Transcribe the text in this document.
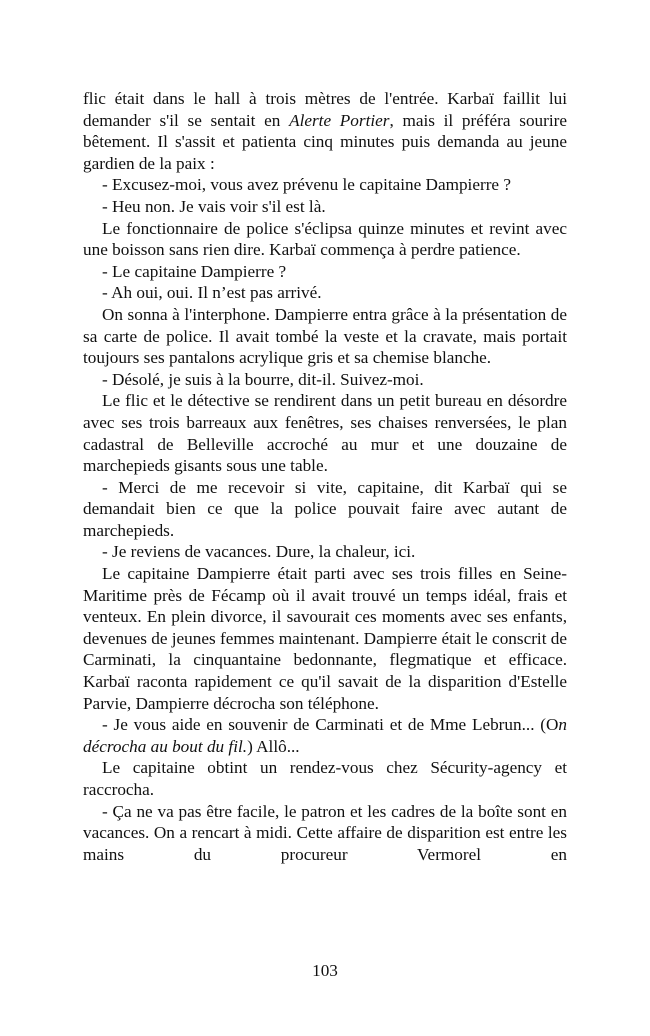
flic était dans le hall à trois mètres de l'entrée. Karbaï faillit lui demander s'il se sentait en Alerte Portier, mais il préféra sourire bêtement. Il s'assit et patienta cinq minutes puis demanda au jeune gardien de la paix :

- Excusez-moi, vous avez prévenu le capitaine Dampierre ?

- Heu non. Je vais voir s'il est là.

Le fonctionnaire de police s'éclipsa quinze minutes et revint avec une boisson sans rien dire. Karbaï commença à perdre patience.

- Le capitaine Dampierre ?

- Ah oui, oui. Il n’est pas arrivé.

On sonna à l'interphone. Dampierre entra grâce à la présentation de sa carte de police. Il avait tombé la veste et la cravate, mais portait toujours ses pantalons acrylique gris et sa chemise blanche.

- Désolé, je suis à la bourre, dit-il. Suivez-moi.

Le flic et le détective se rendirent dans un petit bureau en désordre avec ses trois barreaux aux fenêtres, ses chaises renversées, le plan cadastral de Belleville accroché au mur et une douzaine de marchepieds gisants sous une table.

- Merci de me recevoir si vite, capitaine, dit Karbaï qui se demandait bien ce que la police pouvait faire avec autant de marchepieds.

- Je reviens de vacances. Dure, la chaleur, ici.

Le capitaine Dampierre était parti avec ses trois filles en Seine-Maritime près de Fécamp où il avait trouvé un temps idéal, frais et venteux. En plein divorce, il savourait ces moments avec ses enfants, devenues de jeunes femmes maintenant. Dampierre était le conscrit de Carminati, la cinquantaine bedonnante, flegmatique et efficace. Karbaï raconta rapidement ce qu'il savait de la disparition d'Estelle Parvie, Dampierre décrocha son téléphone.

- Je vous aide en souvenir de Carminati et de Mme Lebrun... (On décrocha au bout du fil.) Allô...

Le capitaine obtint un rendez-vous chez Sécurity-agency et raccrocha.

- Ça ne va pas être facile, le patron et les cadres de la boîte sont en vacances. On a rencart à midi. Cette affaire de disparition est entre les mains du procureur Vermorel en

103
